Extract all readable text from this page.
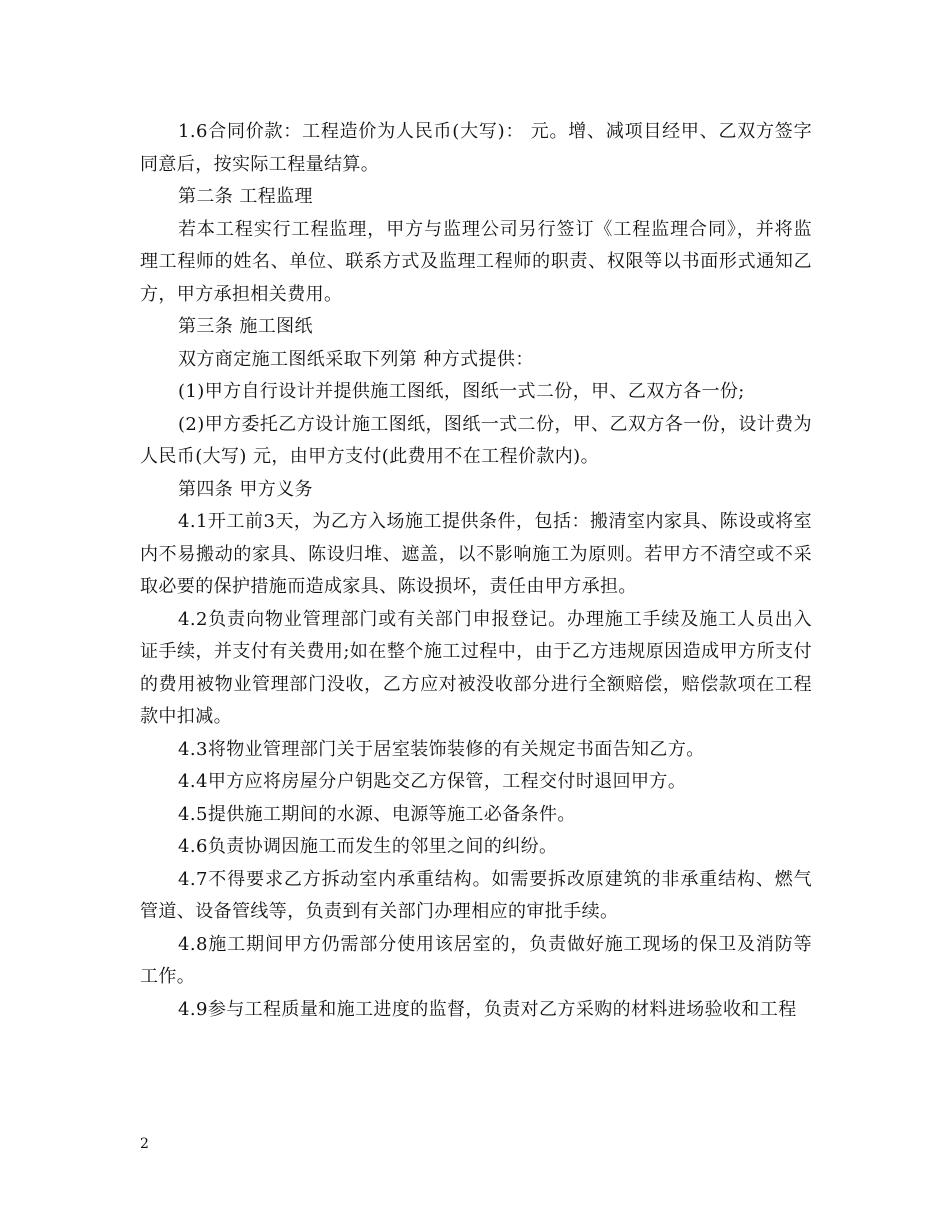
1.6合同价款：工程造价为人民币(大写)： 元。增、减项目经甲、乙双方签字同意后，按实际工程量结算。

第二条 工程监理

若本工程实行工程监理，甲方与监理公司另行签订《工程监理合同》，并将监理工程师的姓名、单位、联系方式及监理工程师的职责、权限等以书面形式通知乙方，甲方承担相关费用。

第三条 施工图纸

双方商定施工图纸采取下列第 种方式提供：

(1)甲方自行设计并提供施工图纸，图纸一式二份，甲、乙双方各一份;

(2)甲方委托乙方设计施工图纸，图纸一式二份，甲、乙双方各一份，设计费为人民币(大写) 元，由甲方支付(此费用不在工程价款内)。

第四条 甲方义务

4.1开工前3天，为乙方入场施工提供条件，包括：搬清室内家具、陈设或将室内不易搬动的家具、陈设归堆、遮盖，以不影响施工为原则。若甲方不清空或不采取必要的保护措施而造成家具、陈设损坏，责任由甲方承担。

4.2负责向物业管理部门或有关部门申报登记。办理施工手续及施工人员出入证手续，并支付有关费用;如在整个施工过程中，由于乙方违规原因造成甲方所支付的费用被物业管理部门没收，乙方应对被没收部分进行全额赔偿，赔偿款项在工程款中扣减。

4.3将物业管理部门关于居室装饰装修的有关规定书面告知乙方。

4.4甲方应将房屋分户钥匙交乙方保管，工程交付时退回甲方。

4.5提供施工期间的水源、电源等施工必备条件。

4.6负责协调因施工而发生的邻里之间的纠纷。

4.7不得要求乙方拆动室内承重结构。如需要拆改原建筑的非承重结构、燃气管道、设备管线等，负责到有关部门办理相应的审批手续。

4.8施工期间甲方仍需部分使用该居室的，负责做好施工现场的保卫及消防等工作。

4.9参与工程质量和施工进度的监督，负责对乙方采购的材料进场验收和工程

2
